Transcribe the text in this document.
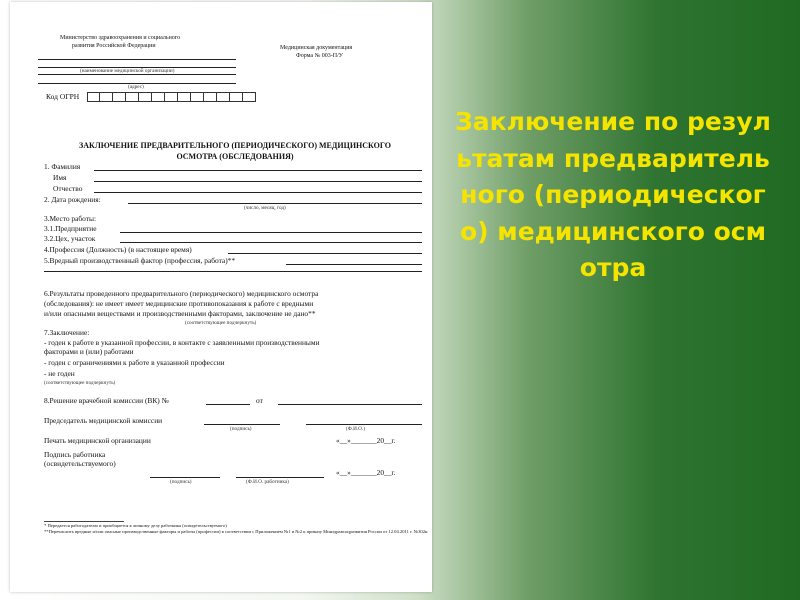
Министерство здравоохранения и социального
развития Российской Федерации	Медицинская документация
Форма № 003-П/У
(наименование медицинской организации)
(адрес)
Код ОГРН
ЗАКЛЮЧЕНИЕ ПРЕДВАРИТЕЛЬНОГО (ПЕРИОДИЧЕСКОГО) МЕДИЦИНСКОГО
ОСМОТРА (ОБСЛЕДОВАНИЯ)
1. Фамилия
Имя
Отчество
2. Дата рождения:
(число, месяц, год)
3.Место работы:
3.1.Предприятие
3.2.Цех, участок
4.Профессия (Должность) (в настоящее время)
5.Вредный производственный фактор (профессия, работа)**
6.Результаты проведенного предварительного (периодического) медицинского осмотра
(обследования): не имеет имеет медицинские противопоказания к работе с вредными
и/или опасными веществами и производственными факторами, заключение не дано**
(соответствующее подчеркнуть)
7.Заключение:
- годен к работе в указанной профессии, в контакте с заявленными производственными
факторами и (или) работами
- годен с ограничениями к работе в указанной профессии
- не годен
(соответствующее подчеркнуть)
8.Решение врачебной комиссии (ВК) №	от
Председатель медицинской комиссии
(подпись)	(Ф.И.О.)
Печать медицинской организации	«__»_______20__г.
Подпись работника
(освидетельствуемого)
(подпись)	(Ф.И.О. работника)
«__»_______20__г.
* Передается работодателю и приобщается к личному делу работника (освидетельствуемого)
**Перечислить вредные и/или опасные производственные факторы и работы (профессии) в соответствии с Приложением №1 и №2 к приказу Минздравсоцразвития России от 12.04.2011 г. №302н
Заключение по результатам предварительного (периодического) медицинского осмотра
